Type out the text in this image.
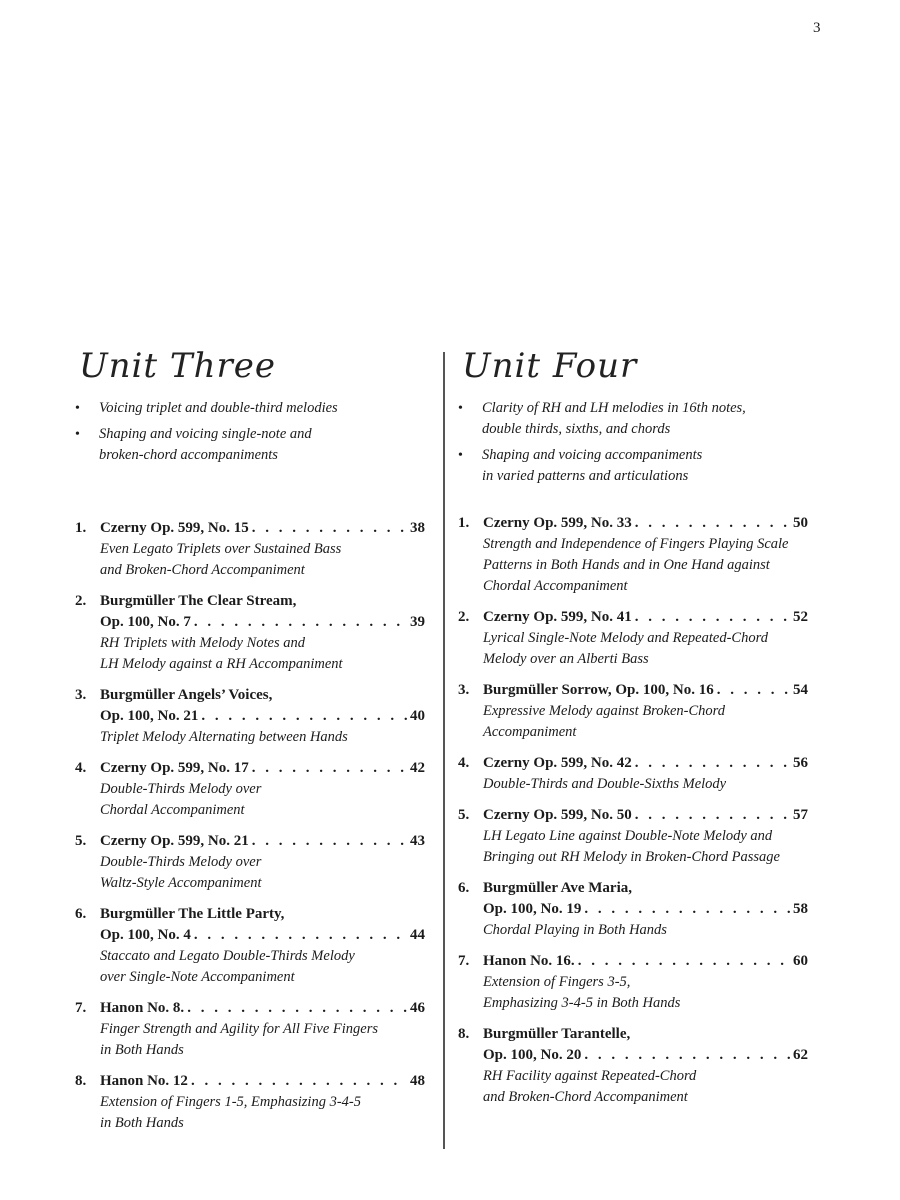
3
Unit Three
• Voicing triplet and double-third melodies
• Shaping and voicing single-note and
broken-chord accompaniments
1. Czerny Op. 599, No. 15 . . .	38
Even Legato Triplets over Sustained Bass
and Broken-Chord Accompaniment
2. Burgmüller The Clear Stream,
Op. 100, No. 7 . . .	39
RH Triplets with Melody Notes and
LH Melody against a RH Accompaniment
3. Burgmüller Angels’ Voices,
Op. 100, No. 21 . . .	40
Triplet Melody Alternating between Hands
4. Czerny Op. 599, No. 17 . . .	42
Double-Thirds Melody over
Chordal Accompaniment
5. Czerny Op. 599, No. 21 . . .	43
Double-Thirds Melody over
Waltz-Style Accompaniment
6. Burgmüller The Little Party,
Op. 100, No. 4 . . .	44
Staccato and Legato Double-Thirds Melody
over Single-Note Accompaniment
7. Hanon No. 8. . . .	46
Finger Strength and Agility for All Five Fingers
in Both Hands
8. Hanon No. 12 . . .	48
Extension of Fingers 1-5, Emphasizing 3-4-5
in Both Hands
Unit Four
• Clarity of RH and LH melodies in 16th notes,
double thirds, sixths, and chords
• Shaping and voicing accompaniments
in varied patterns and articulations
1. Czerny Op. 599, No. 33 . . .	50
Strength and Independence of Fingers Playing Scale
Patterns in Both Hands and in One Hand against
Chordal Accompaniment
2. Czerny Op. 599, No. 41 . . .	52
Lyrical Single-Note Melody and Repeated-Chord
Melody over an Alberti Bass
3. Burgmüller Sorrow, Op. 100, No. 16 . . .	54
Expressive Melody against Broken-Chord
Accompaniment
4. Czerny Op. 599, No. 42 . . .	56
Double-Thirds and Double-Sixths Melody
5. Czerny Op. 599, No. 50 . . .	57
LH Legato Line against Double-Note Melody and
Bringing out RH Melody in Broken-Chord Passage
6. Burgmüller Ave Maria,
Op. 100, No. 19 . . .	58
Chordal Playing in Both Hands
7. Hanon No. 16. . . .	60
Extension of Fingers 3-5,
Emphasizing 3-4-5 in Both Hands
8. Burgmüller Tarantelle,
Op. 100, No. 20 . . .	62
RH Facility against Repeated-Chord
and Broken-Chord Accompaniment
